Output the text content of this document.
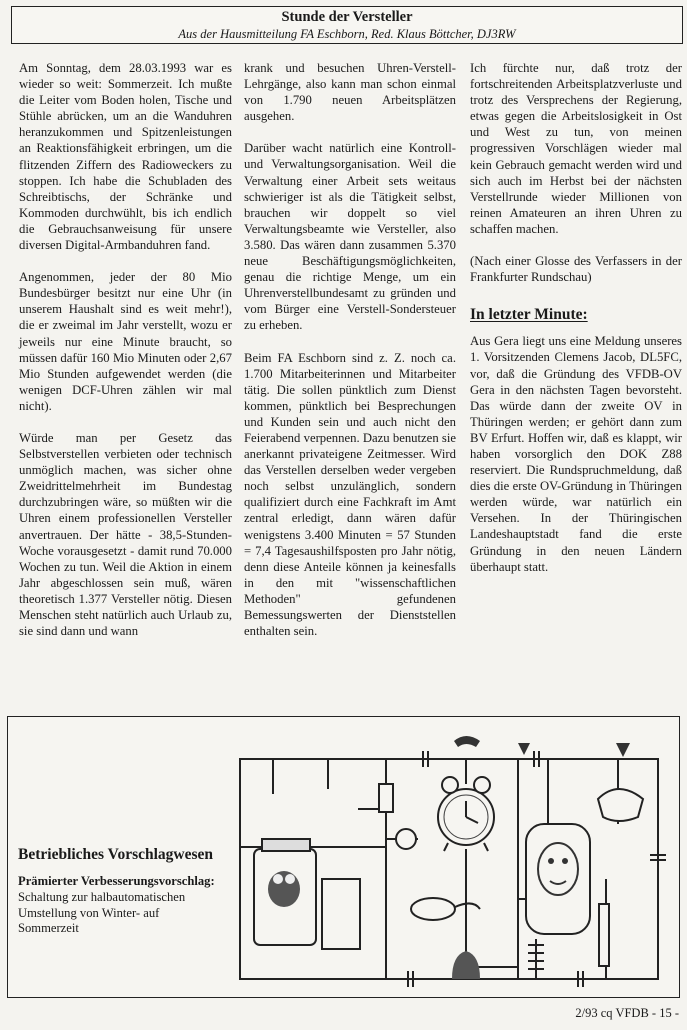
Stunde der Versteller
Aus der Hausmitteilung FA Eschborn, Red. Klaus Böttcher, DJ3RW

Am Sonntag, dem 28.03.1993 war es wieder so weit: Sommerzeit. Ich mußte die Leiter vom Boden holen, Tische und Stühle abrücken, um an die Wanduhren heranzukommen und Spitzenleistungen an Reaktionsfähigkeit erbringen, um die flitzenden Ziffern des Radioweckers zu stoppen. Ich habe die Schubladen des Schreibtischs, der Schränke und Kommoden durchwühlt, bis ich endlich die Gebrauchsanweisung für unsere diversen Digital-Armbanduhren fand.

Angenommen, jeder der 80 Mio Bundesbürger besitzt nur eine Uhr (in unserem Haushalt sind es weit mehr!), die er zweimal im Jahr verstellt, wozu er jeweils nur eine Minute braucht, so müssen dafür 160 Mio Minuten oder 2,67 Mio Stunden aufgewendet werden (die wenigen DCF-Uhren zählen wir mal nicht).

Würde man per Gesetz das Selbstverstellen verbieten oder technisch unmöglich machen, was sicher ohne Zweidrittelmehrheit im Bundestag durchzubringen wäre, so müßten wir die Uhren einem professionellen Versteller anvertrauen. Der hätte - 38,5-Stunden-Woche vorausgesetzt - damit rund 70.000 Wochen zu tun. Weil die Aktion in einem Jahr abgeschlossen sein muß, wären theoretisch 1.377 Versteller nötig. Diesen Menschen steht natürlich auch Urlaub zu, sie sind dann und wann

krank und besuchen Uhren-Verstell-Lehrgänge, also kann man schon einmal von 1.790 neuen Arbeitsplätzen ausgehen.

Darüber wacht natürlich eine Kontroll- und Verwaltungsorganisation. Weil die Verwaltung einer Arbeit sets weitaus schwieriger ist als die Tätigkeit selbst, brauchen wir doppelt so viel Verwaltungsbeamte wie Versteller, also 3.580. Das wären dann zusammen 5.370 neue Beschäftigungsmöglichkeiten, genau die richtige Menge, um ein Uhrenverstellbundesamt zu gründen und vom Bürger eine Verstell-Sondersteuer zu erheben.

Beim FA Eschborn sind z. Z. noch ca. 1.700 Mitarbeiterinnen und Mitarbeiter tätig. Die sollen pünktlich zum Dienst kommen, pünktlich bei Besprechungen und Kunden sein und auch nicht den Feierabend verpennen. Dazu benutzen sie anerkannt privateigene Zeitmesser. Wird das Verstellen derselben weder vergeben noch selbst unzulänglich, sondern qualifiziert durch eine Fachkraft im Amt zentral erledigt, dann wären dafür wenigstens 3.400 Minuten = 57 Stunden = 7,4 Tagesaushilfsposten pro Jahr nötig, denn diese Anteile können ja keinesfalls in den mit "wissenschaftlichen Methoden" gefundenen Bemessungswerten der Dienststellen enthalten sein.

Ich fürchte nur, daß trotz der fortschreitenden Arbeitsplatzverluste und trotz des Versprechens der Regierung, etwas gegen die Arbeitslosigkeit in Ost und West zu tun, von meinen progressiven Vorschlägen wieder mal kein Gebrauch gemacht werden wird und sich auch im Herbst bei der nächsten Verstellrunde wieder Millionen von reinen Amateuren an ihren Uhren zu schaffen machen.

(Nach einer Glosse des Verfassers in der Frankfurter Rundschau)

In letzter Minute:

Aus Gera liegt uns eine Meldung unseres 1. Vorsitzenden Clemens Jacob, DL5FC, vor, daß die Gründung des VFDB-OV Gera in den nächsten Tagen bevorsteht. Das würde dann der zweite OV in Thüringen werden; er gehört dann zum BV Erfurt. Hoffen wir, daß es klappt, wir haben vorsorglich den DOK Z88 reserviert. Die Rundspruchmeldung, daß dies die erste OV-Gründung in Thüringen werden würde, war natürlich ein Versehen. In der Thüringischen Landeshauptstadt fand die erste Gründung in den neuen Ländern überhaupt statt.

Betriebliches Vorschlagwesen
Prämierter Verbesserungsvorschlag:
Schaltung zur halbautomatischen Umstellung von Winter- auf Sommerzeit
2/93 cq VFDB - 15 -
